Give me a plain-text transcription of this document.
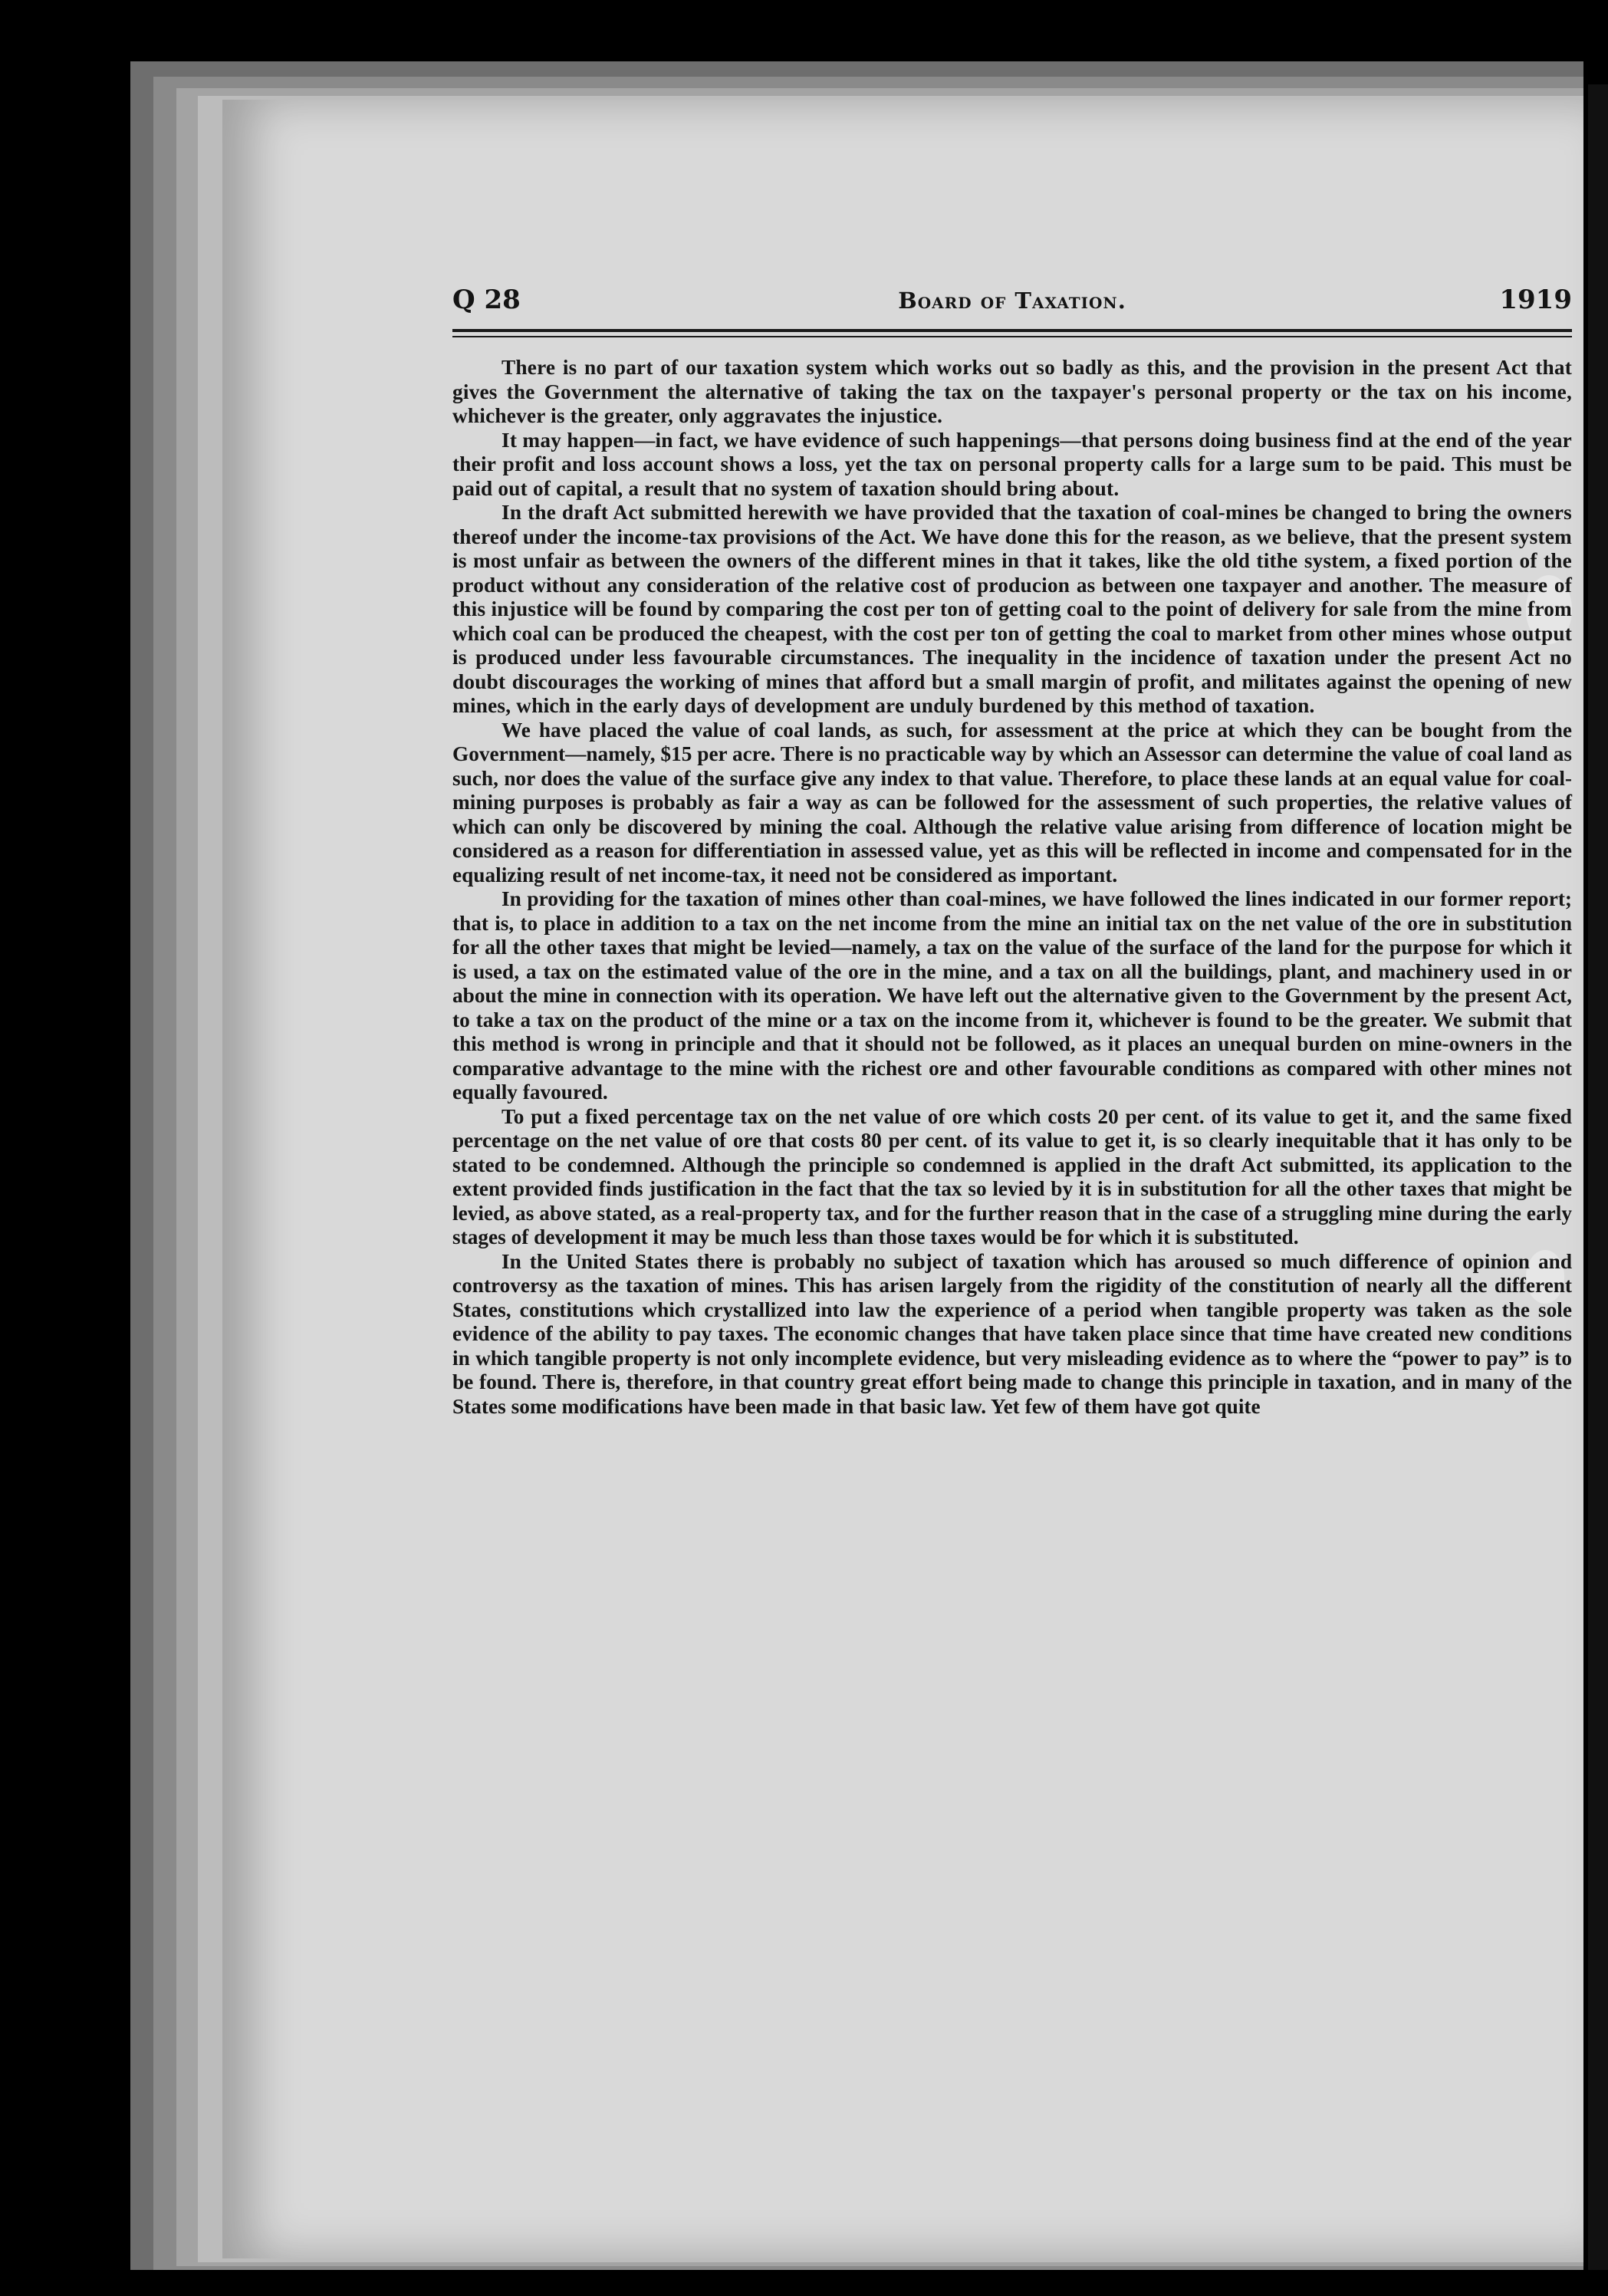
Q 28	Board of Taxation.	1919

There is no part of our taxation system which works out so badly as this, and the provision in the present Act that gives the Government the alternative of taking the tax on the taxpayer's personal property or the tax on his income, whichever is the greater, only aggravates the injustice.

It may happen—in fact, we have evidence of such happenings—that persons doing business find at the end of the year their profit and loss account shows a loss, yet the tax on personal property calls for a large sum to be paid. This must be paid out of capital, a result that no system of taxation should bring about.

In the draft Act submitted herewith we have provided that the taxation of coal-mines be changed to bring the owners thereof under the income-tax provisions of the Act. We have done this for the reason, as we believe, that the present system is most unfair as between the owners of the different mines in that it takes, like the old tithe system, a fixed portion of the product without any consideration of the relative cost of producion as between one taxpayer and another. The measure of this injustice will be found by comparing the cost per ton of getting coal to the point of delivery for sale from the mine from which coal can be produced the cheapest, with the cost per ton of getting the coal to market from other mines whose output is produced under less favourable circumstances. The inequality in the incidence of taxation under the present Act no doubt discourages the working of mines that afford but a small margin of profit, and militates against the opening of new mines, which in the early days of development are unduly burdened by this method of taxation.

We have placed the value of coal lands, as such, for assessment at the price at which they can be bought from the Government—namely, $15 per acre. There is no practicable way by which an Assessor can determine the value of coal land as such, nor does the value of the surface give any index to that value. Therefore, to place these lands at an equal value for coal-mining purposes is probably as fair a way as can be followed for the assessment of such properties, the relative values of which can only be discovered by mining the coal. Although the relative value arising from difference of location might be considered as a reason for differentiation in assessed value, yet as this will be reflected in income and compensated for in the equalizing result of net income-tax, it need not be considered as important.

In providing for the taxation of mines other than coal-mines, we have followed the lines indicated in our former report; that is, to place in addition to a tax on the net income from the mine an initial tax on the net value of the ore in substitution for all the other taxes that might be levied—namely, a tax on the value of the surface of the land for the purpose for which it is used, a tax on the estimated value of the ore in the mine, and a tax on all the buildings, plant, and machinery used in or about the mine in connection with its operation. We have left out the alternative given to the Government by the present Act, to take a tax on the product of the mine or a tax on the income from it, whichever is found to be the greater. We submit that this method is wrong in principle and that it should not be followed, as it places an unequal burden on mine-owners in the comparative advantage to the mine with the richest ore and other favourable conditions as compared with other mines not equally favoured.

To put a fixed percentage tax on the net value of ore which costs 20 per cent. of its value to get it, and the same fixed percentage on the net value of ore that costs 80 per cent. of its value to get it, is so clearly inequitable that it has only to be stated to be condemned. Although the principle so condemned is applied in the draft Act submitted, its application to the extent provided finds justification in the fact that the tax so levied by it is in substitution for all the other taxes that might be levied, as above stated, as a real-property tax, and for the further reason that in the case of a struggling mine during the early stages of development it may be much less than those taxes would be for which it is substituted.

In the United States there is probably no subject of taxation which has aroused so much difference of opinion and controversy as the taxation of mines. This has arisen largely from the rigidity of the constitution of nearly all the different States, constitutions which crystallized into law the experience of a period when tangible property was taken as the sole evidence of the ability to pay taxes. The economic changes that have taken place since that time have created new conditions in which tangible property is not only incomplete evidence, but very misleading evidence as to where the “power to pay” is to be found. There is, therefore, in that country great effort being made to change this principle in taxation, and in many of the States some modifications have been made in that basic law. Yet few of them have got quite
